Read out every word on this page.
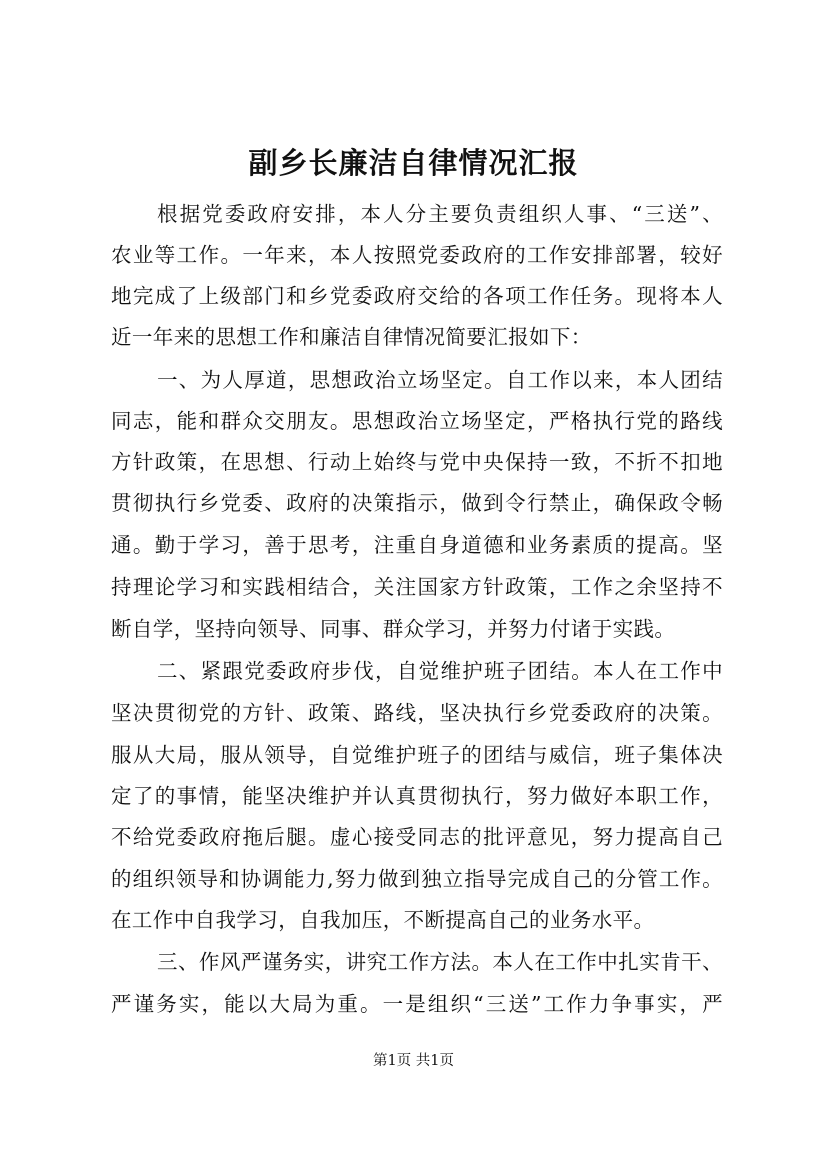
副乡长廉洁自律情况汇报
根据党委政府安排，本人分主要负责组织人事、“三送”、
农业等工作。一年来，本人按照党委政府的工作安排部署，较好
地完成了上级部门和乡党委政府交给的各项工作任务。现将本人
近一年来的思想工作和廉洁自律情况简要汇报如下：
一、为人厚道，思想政治立场坚定。自工作以来，本人团结
同志，能和群众交朋友。思想政治立场坚定，严格执行党的路线
方针政策，在思想、行动上始终与党中央保持一致，不折不扣地
贯彻执行乡党委、政府的决策指示，做到令行禁止，确保政令畅
通。勤于学习，善于思考，注重自身道德和业务素质的提高。坚
持理论学习和实践相结合，关注国家方针政策，工作之余坚持不
断自学，坚持向领导、同事、群众学习，并努力付诸于实践。
二、紧跟党委政府步伐，自觉维护班子团结。本人在工作中
坚决贯彻党的方针、政策、路线，坚决执行乡党委政府的决策。
服从大局，服从领导，自觉维护班子的团结与威信，班子集体决
定了的事情，能坚决维护并认真贯彻执行，努力做好本职工作，
不给党委政府拖后腿。虚心接受同志的批评意见，努力提高自己
的组织领导和协调能力,努力做到独立指导完成自己的分管工作。
在工作中自我学习，自我加压，不断提高自己的业务水平。
三、作风严谨务实，讲究工作方法。本人在工作中扎实肯干、
严谨务实，能以大局为重。一是组织“三送”工作力争事实，严
第1页 共1页
